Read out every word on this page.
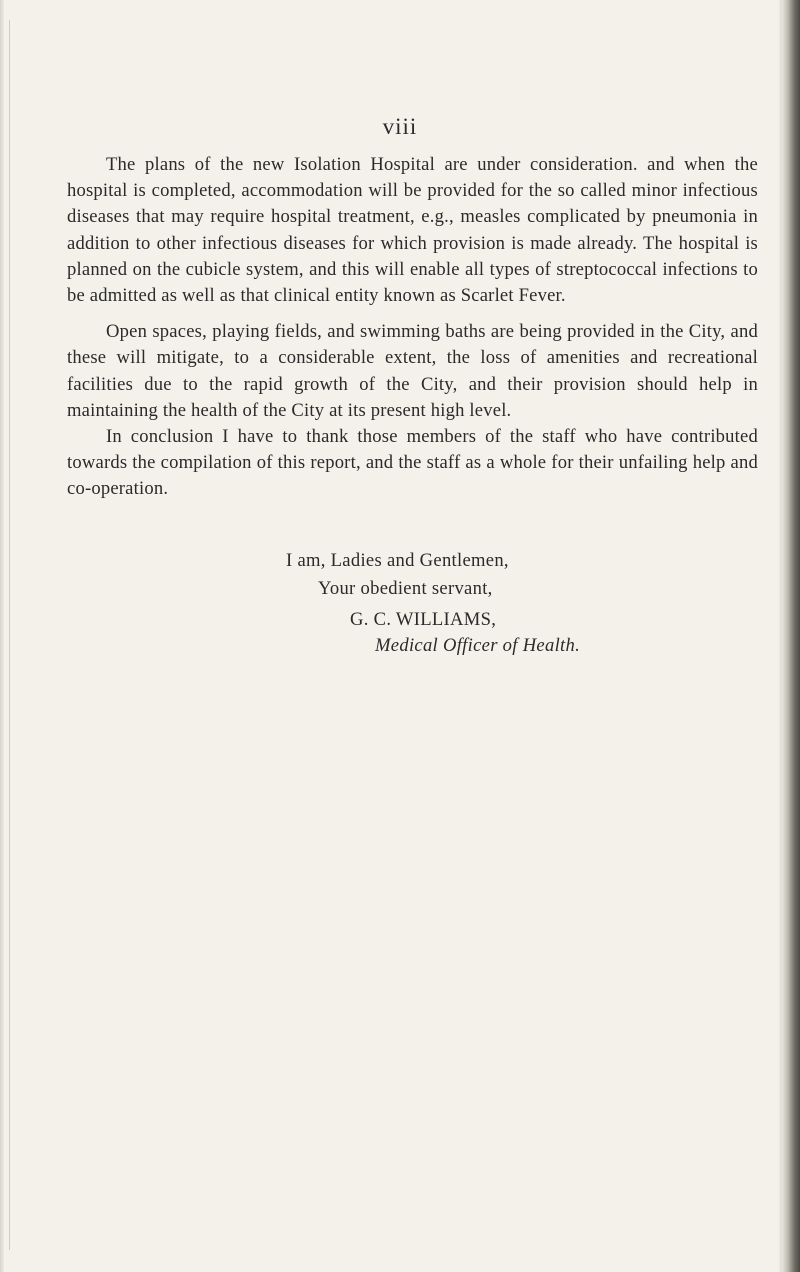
viii

The plans of the new Isolation Hospital are under consideration. and when the hospital is completed, accommodation will be provided for the so called minor infectious diseases that may require hospital treatment, e.g., measles complicated by pneumonia in addition to other infectious diseases for which provision is made already. The hospital is planned on the cubicle system, and this will enable all types of streptococcal infections to be admitted as well as that clinical entity known as Scarlet Fever.

Open spaces, playing fields, and swimming baths are being provided in the City, and these will mitigate, to a considerable extent, the loss of amenities and recreational facilities due to the rapid growth of the City, and their provision should help in maintaining the health of the City at its present high level.

In conclusion I have to thank those members of the staff who have contributed towards the compilation of this report, and the staff as a whole for their unfailing help and co-operation.

I am, Ladies and Gentlemen,
Your obedient servant,
G. C. WILLIAMS,
Medical Officer of Health.
